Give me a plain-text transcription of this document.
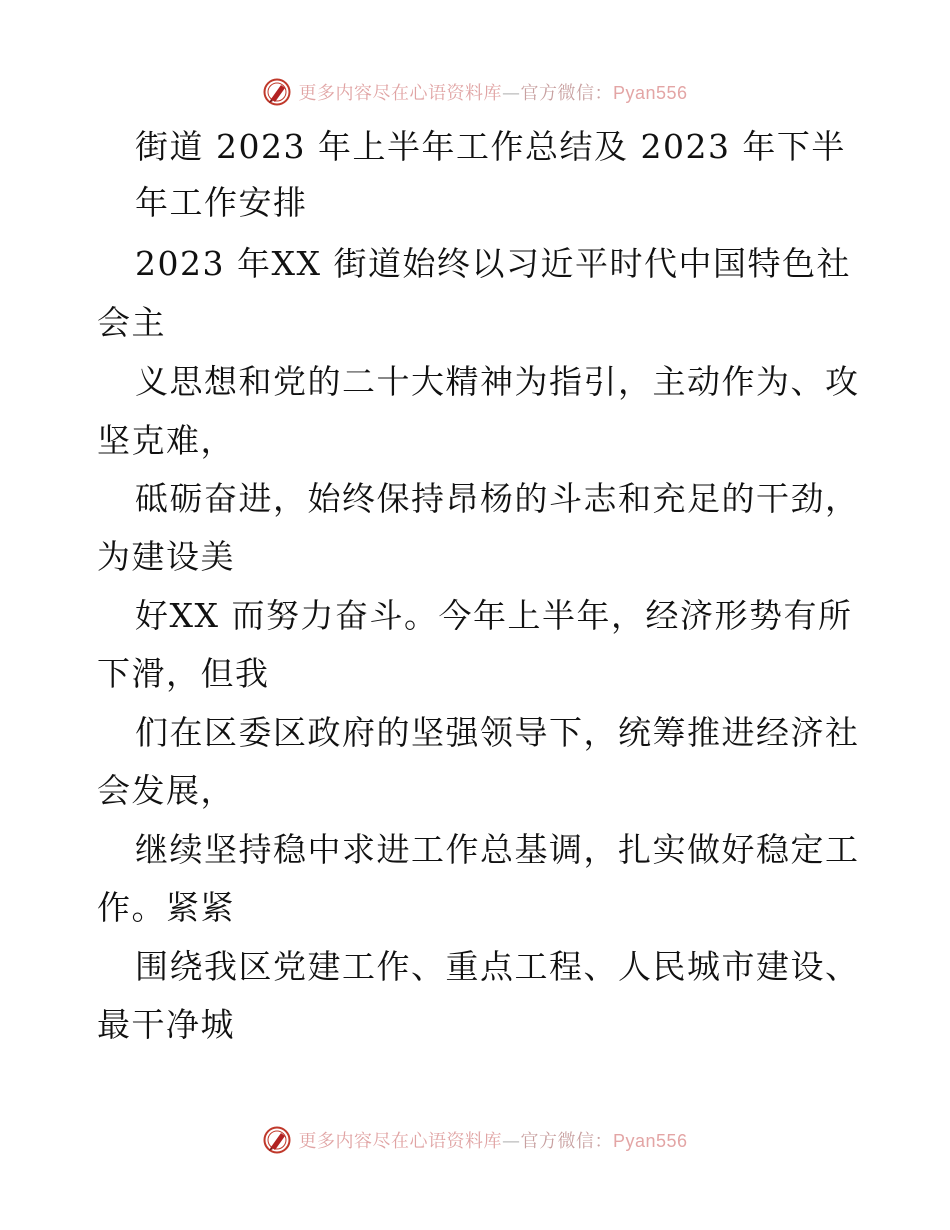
更多内容尽在心语资料库—官方微信：Pyan556
街道 2023 年上半年工作总结及 2023 年下半
年工作安排
2023 年XX 街道始终以习近平时代中国特色社
会主
义思想和党的二十大精神为指引，主动作为、攻
坚克难，
砥砺奋进，始终保持昂杨的斗志和充足的干劲，
为建设美
好XX 而努力奋斗。今年上半年，经济形势有所
下滑，但我
们在区委区政府的坚强领导下，统筹推进经济社
会发展，
继续坚持稳中求进工作总基调，扎实做好稳定工
作。紧紧
围绕我区党建工作、重点工程、人民城市建设、
最干净城
更多内容尽在心语资料库—官方微信：Pyan556
